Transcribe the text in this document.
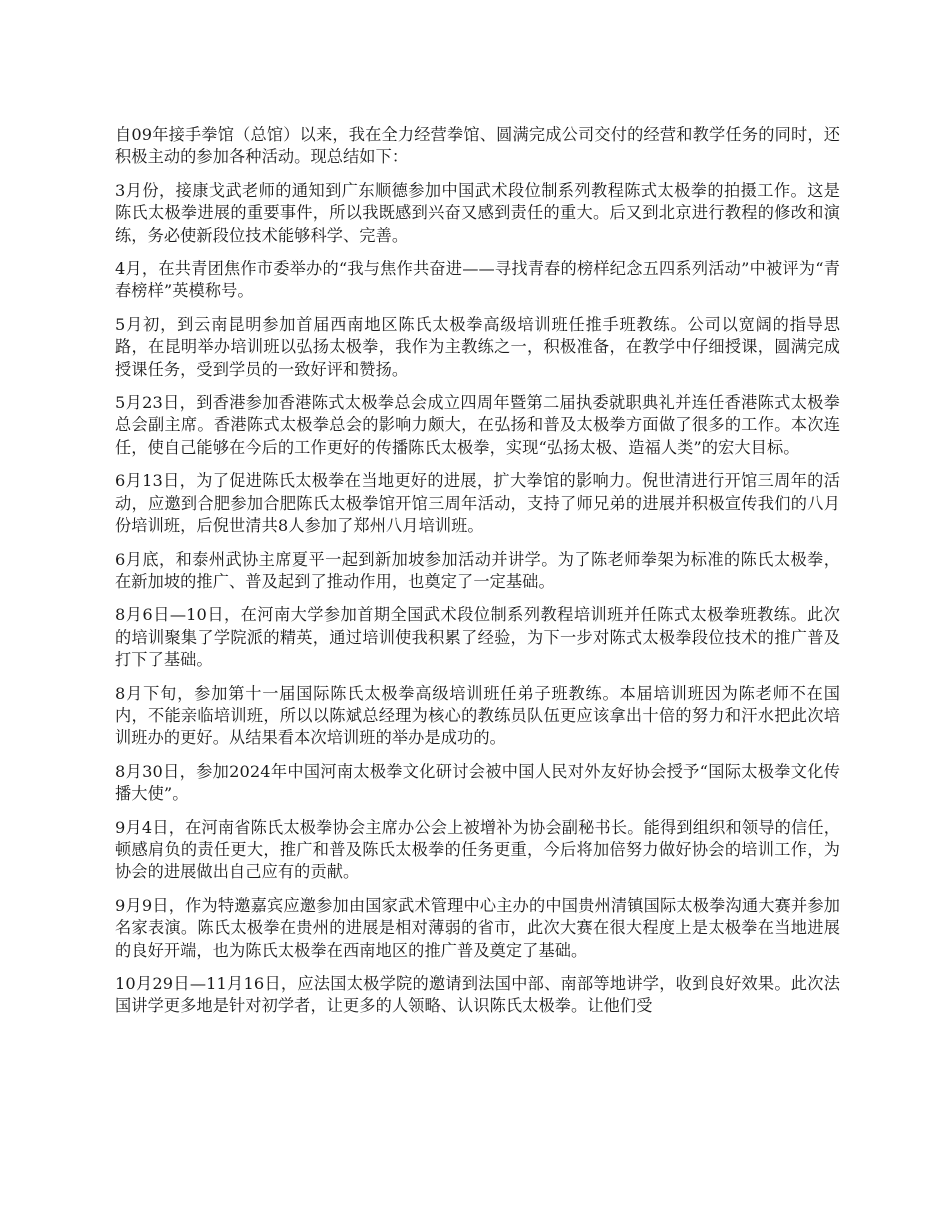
自09年接手拳馆（总馆）以来，我在全力经营拳馆、圆满完成公司交付的经营和教学任务的同时，还积极主动的参加各种活动。现总结如下：

3月份，接康戈武老师的通知到广东顺德参加中国武术段位制系列教程陈式太极拳的拍摄工作。这是陈氏太极拳进展的重要事件，所以我既感到兴奋又感到责任的重大。后又到北京进行教程的修改和演练，务必使新段位技术能够科学、完善。

4月，在共青团焦作市委举办的“我与焦作共奋进——寻找青春的榜样纪念五四系列活动”中被评为“青春榜样”英模称号。

5月初，到云南昆明参加首届西南地区陈氏太极拳高级培训班任推手班教练。公司以宽阔的指导思路，在昆明举办培训班以弘扬太极拳，我作为主教练之一，积极准备，在教学中仔细授课，圆满完成授课任务，受到学员的一致好评和赞扬。

5月23日，到香港参加香港陈式太极拳总会成立四周年暨第二届执委就职典礼并连任香港陈式太极拳总会副主席。香港陈式太极拳总会的影响力颇大，在弘扬和普及太极拳方面做了很多的工作。本次连任，使自己能够在今后的工作更好的传播陈氏太极拳，实现“弘扬太极、造福人类”的宏大目标。

6月13日，为了促进陈氏太极拳在当地更好的进展，扩大拳馆的影响力。倪世清进行开馆三周年的活动，应邀到合肥参加合肥陈氏太极拳馆开馆三周年活动，支持了师兄弟的进展并积极宣传我们的八月份培训班，后倪世清共8人参加了郑州八月培训班。

6月底，和泰州武协主席夏平一起到新加坡参加活动并讲学。为了陈老师拳架为标准的陈氏太极拳，在新加坡的推广、普及起到了推动作用，也奠定了一定基础。

8月6日—10日，在河南大学参加首期全国武术段位制系列教程培训班并任陈式太极拳班教练。此次的培训聚集了学院派的精英，通过培训使我积累了经验，为下一步对陈式太极拳段位技术的推广普及打下了基础。

8月下旬，参加第十一届国际陈氏太极拳高级培训班任弟子班教练。本届培训班因为陈老师不在国内，不能亲临培训班，所以以陈斌总经理为核心的教练员队伍更应该拿出十倍的努力和汗水把此次培训班办的更好。从结果看本次培训班的举办是成功的。

8月30日，参加2024年中国河南太极拳文化研讨会被中国人民对外友好协会授予“国际太极拳文化传播大使”。

9月4日，在河南省陈氏太极拳协会主席办公会上被增补为协会副秘书长。能得到组织和领导的信任，顿感肩负的责任更大，推广和普及陈氏太极拳的任务更重，今后将加倍努力做好协会的培训工作，为协会的进展做出自己应有的贡献。

9月9日，作为特邀嘉宾应邀参加由国家武术管理中心主办的中国贵州清镇国际太极拳沟通大赛并参加名家表演。陈氏太极拳在贵州的进展是相对薄弱的省市，此次大赛在很大程度上是太极拳在当地进展的良好开端，也为陈氏太极拳在西南地区的推广普及奠定了基础。

10月29日—11月16日，应法国太极学院的邀请到法国中部、南部等地讲学，收到良好效果。此次法国讲学更多地是针对初学者，让更多的人领略、认识陈氏太极拳。让他们受
